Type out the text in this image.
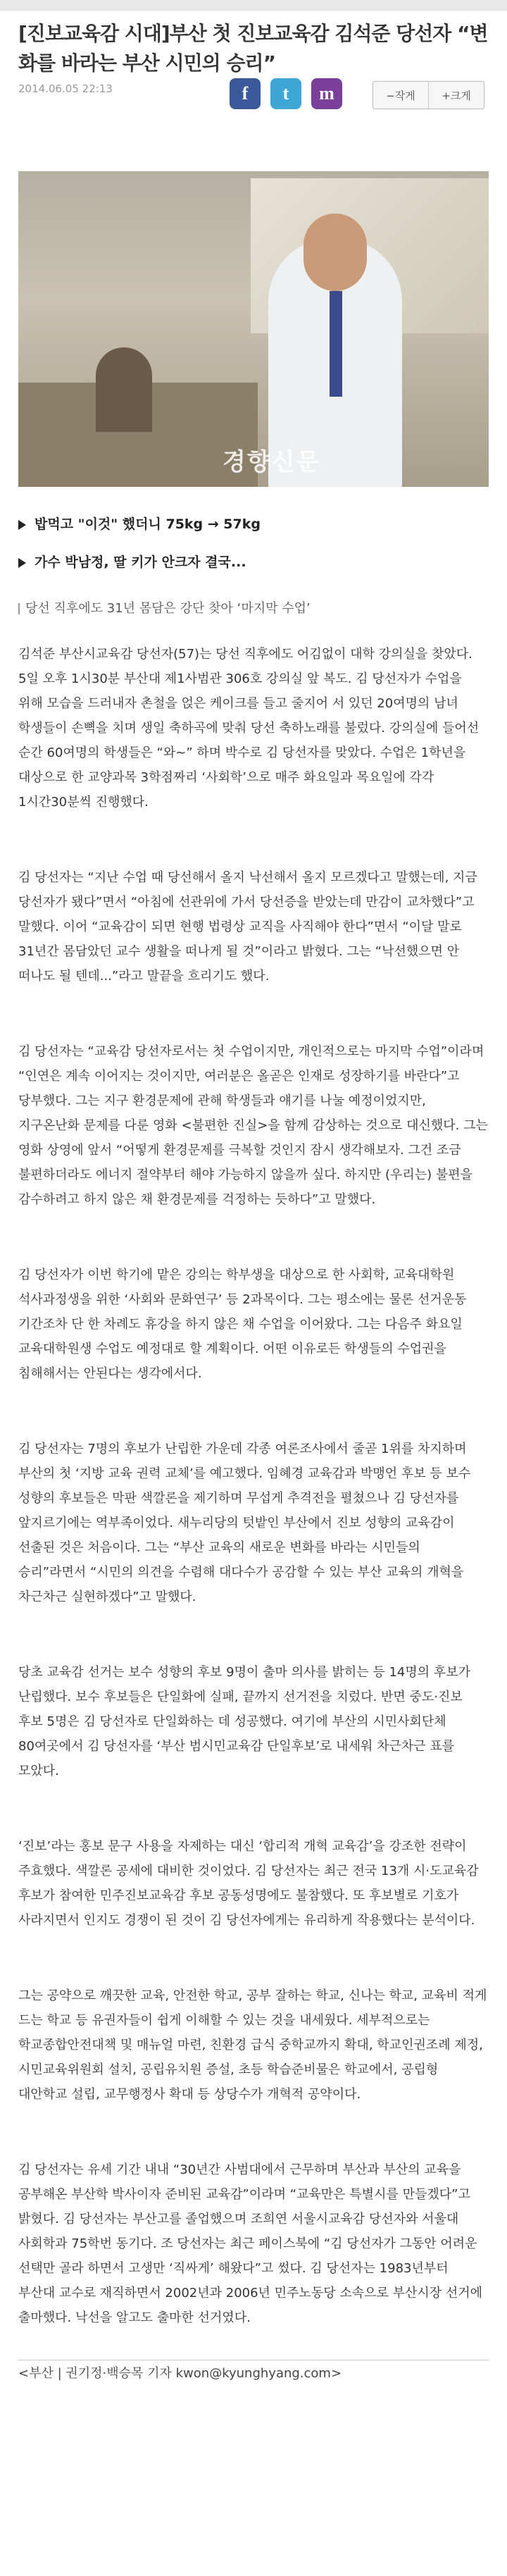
[진보교육감 시대]부산 첫 진보교육감 김석준 당선자 “변화를 바라는 부산 시민의 승리”
2014.06.05 22:13	f t m	−작게	+크게
경향신문
밥먹고 "이것" 했더니 75kg → 57kg
가수 박남정, 딸 키가 안크자 결국...
당선 직후에도 31년 몸담은 강단 찾아 ‘마지막 수업’

김석준 부산시교육감 당선자(57)는 당선 직후에도 어김없이 대학 강의실을 찾았다. 5일 오후 1시30분 부산대 제1사범관 306호 강의실 앞 복도. 김 당선자가 수업을 위해 모습을 드러내자 촌철을 얹은 케이크를 들고 줄지어 서 있던 20여명의 남녀 학생들이 손뼉을 치며 생일 축하곡에 맞춰 당선 축하노래를 불렀다. 강의실에 들어선 순간 60여명의 학생들은 “와~” 하며 박수로 김 당선자를 맞았다. 수업은 1학년을 대상으로 한 교양과목 3학점짜리 ‘사회학’으로 매주 화요일과 목요일에 각각 1시간30분씩 진행했다.

김 당선자는 “지난 수업 때 당선해서 올지 낙선해서 올지 모르겠다고 말했는데, 지금 당선자가 됐다”면서 “아침에 선관위에 가서 당선증을 받았는데 만감이 교차했다”고 말했다. 이어 “교육감이 되면 현행 법령상 교직을 사직해야 한다”면서 “이달 말로 31년간 몸담았던 교수 생활을 떠나게 될 것”이라고 밝혔다. 그는 “낙선했으면 안 떠나도 될 텐데...”라고 말끝을 흐리기도 했다.

김 당선자는 “교육감 당선자로서는 첫 수업이지만, 개인적으로는 마지막 수업”이라며 “인연은 계속 이어지는 것이지만, 여러분은 올곧은 인재로 성장하기를 바란다”고 당부했다. 그는 지구 환경문제에 관해 학생들과 얘기를 나눌 예정이었지만, 지구온난화 문제를 다룬 영화 <불편한 진실>을 함께 감상하는 것으로 대신했다. 그는 영화 상영에 앞서 “어떻게 환경문제를 극복할 것인지 잠시 생각해보자. 그건 조금 불편하더라도 에너지 절약부터 해야 가능하지 않을까 싶다. 하지만 (우리는) 불편을 감수하려고 하지 않은 채 환경문제를 걱정하는 듯하다”고 말했다.

김 당선자가 이번 학기에 맡은 강의는 학부생을 대상으로 한 사회학, 교육대학원 석사과정생을 위한 ‘사회와 문화연구’ 등 2과목이다. 그는 평소에는 물론 선거운동 기간조차 단 한 차례도 휴강을 하지 않은 채 수업을 이어왔다. 그는 다음주 화요일 교육대학원생 수업도 예정대로 할 계획이다. 어떤 이유로든 학생들의 수업권을 침해해서는 안된다는 생각에서다.

김 당선자는 7명의 후보가 난립한 가운데 각종 여론조사에서 줄곧 1위를 차지하며 부산의 첫 ‘지방 교육 권력 교체’를 예고했다. 임혜경 교육감과 박맹언 후보 등 보수 성향의 후보들은 막판 색깔론을 제기하며 무섭게 추격전을 펼쳤으나 김 당선자를 앞지르기에는 역부족이었다. 새누리당의 텃밭인 부산에서 진보 성향의 교육감이 선출된 것은 처음이다. 그는 “부산 교육의 새로운 변화를 바라는 시민들의 승리”라면서 “시민의 의견을 수렴해 대다수가 공감할 수 있는 부산 교육의 개혁을 차근차근 실현하겠다”고 말했다.

당초 교육감 선거는 보수 성향의 후보 9명이 출마 의사를 밝히는 등 14명의 후보가 난립했다. 보수 후보들은 단일화에 실패, 끝까지 선거전을 치렀다. 반면 중도·진보 후보 5명은 김 당선자로 단일화하는 데 성공했다. 여기에 부산의 시민사회단체 80여곳에서 김 당선자를 ‘부산 범시민교육감 단일후보’로 내세워 차근차근 표를 모았다.

‘진보’라는 홍보 문구 사용을 자제하는 대신 ‘합리적 개혁 교육감’을 강조한 전략이 주효했다. 색깔론 공세에 대비한 것이었다. 김 당선자는 최근 전국 13개 시·도교육감 후보가 참여한 민주진보교육감 후보 공동성명에도 불참했다. 또 후보별로 기호가 사라지면서 인지도 경쟁이 된 것이 김 당선자에게는 유리하게 작용했다는 분석이다.

그는 공약으로 깨끗한 교육, 안전한 학교, 공부 잘하는 학교, 신나는 학교, 교육비 적게 드는 학교 등 유권자들이 쉽게 이해할 수 있는 것을 내세웠다. 세부적으로는 학교종합안전대책 및 매뉴얼 마련, 친환경 급식 중학교까지 확대, 학교인권조례 제정, 시민교육위원회 설치, 공립유치원 증설, 초등 학습준비물은 학교에서, 공립형 대안학교 설립, 교무행정사 확대 등 상당수가 개혁적 공약이다.

김 당선자는 유세 기간 내내 “30년간 사범대에서 근무하며 부산과 부산의 교육을 공부해온 부산학 박사이자 준비된 교육감”이라며 “교육만은 특별시를 만들겠다”고 밝혔다. 김 당선자는 부산고를 졸업했으며 조희연 서울시교육감 당선자와 서울대 사회학과 75학번 동기다. 조 당선자는 최근 페이스북에 “김 당선자가 그동안 어려운 선택만 골라 하면서 고생만 ‘직싸게’ 해왔다”고 썼다. 김 당선자는 1983년부터 부산대 교수로 재직하면서 2002년과 2006년 민주노동당 소속으로 부산시장 선거에 출마했다. 낙선을 알고도 출마한 선거였다.

<부산 | 권기정·백승목 기자 kwon@kyunghyang.com>
